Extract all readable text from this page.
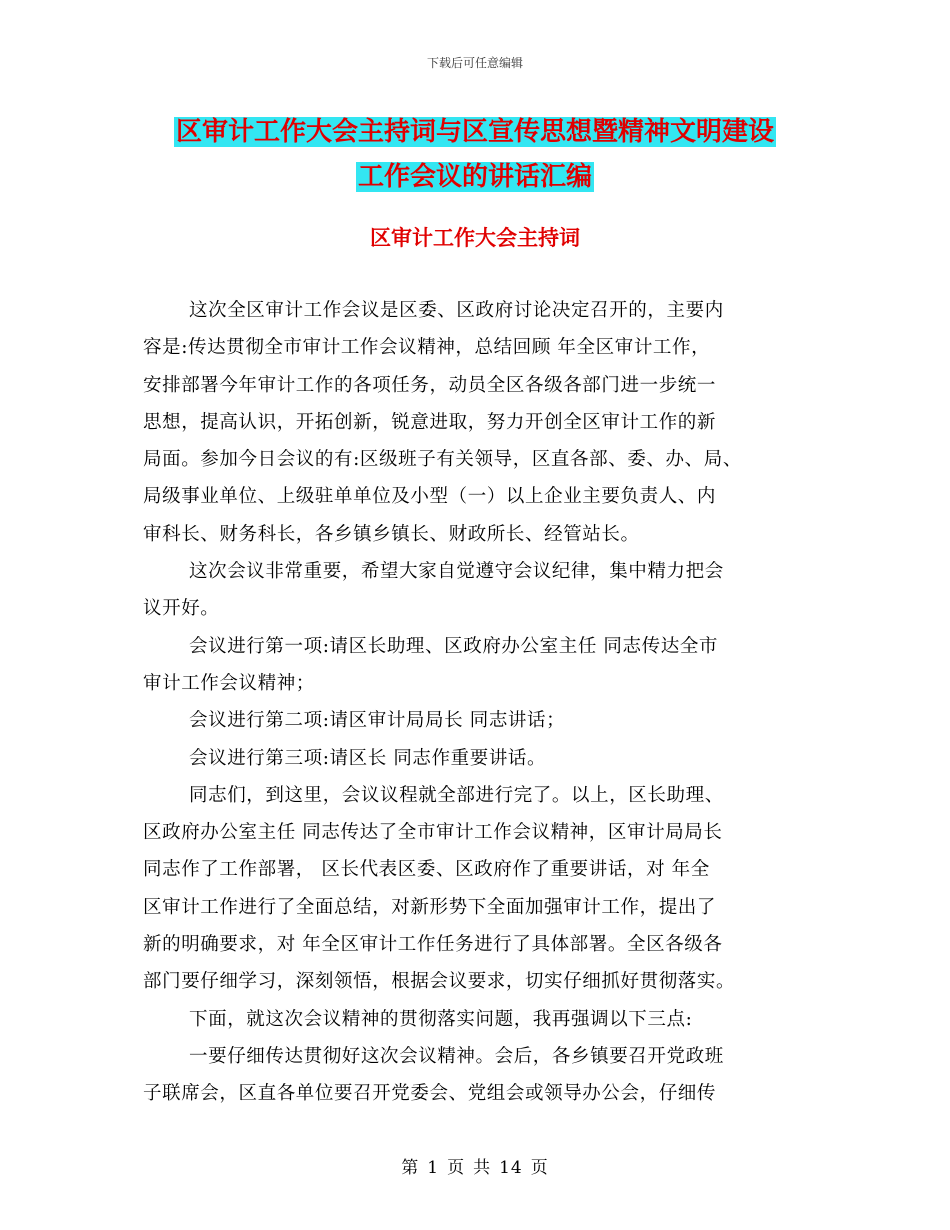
下载后可任意编辑
区审计工作大会主持词与区宣传思想暨精神文明建设
工作会议的讲话汇编
区审计工作大会主持词
这次全区审计工作会议是区委、区政府讨论决定召开的，主要内
容是:传达贯彻全市审计工作会议精神，总结回顾 年全区审计工作，
安排部署今年审计工作的各项任务，动员全区各级各部门进一步统一
思想，提高认识，开拓创新，锐意进取，努力开创全区审计工作的新
局面。参加今日会议的有:区级班子有关领导，区直各部、委、办、局、
局级事业单位、上级驻单单位及小型（一）以上企业主要负责人、内
审科长、财务科长，各乡镇乡镇长、财政所长、经管站长。
这次会议非常重要，希望大家自觉遵守会议纪律，集中精力把会
议开好。
会议进行第一项:请区长助理、区政府办公室主任 同志传达全市
审计工作会议精神；
会议进行第二项:请区审计局局长 同志讲话；
会议进行第三项:请区长 同志作重要讲话。
同志们，到这里，会议议程就全部进行完了。以上，区长助理、
区政府办公室主任 同志传达了全市审计工作会议精神，区审计局局长
同志作了工作部署， 区长代表区委、区政府作了重要讲话，对 年全
区审计工作进行了全面总结，对新形势下全面加强审计工作，提出了
新的明确要求，对 年全区审计工作任务进行了具体部署。全区各级各
部门要仔细学习，深刻领悟，根据会议要求，切实仔细抓好贯彻落实。
下面，就这次会议精神的贯彻落实问题，我再强调以下三点:
一要仔细传达贯彻好这次会议精神。会后，各乡镇要召开党政班
子联席会，区直各单位要召开党委会、党组会或领导办公会，仔细传
第 1 页 共 14 页
